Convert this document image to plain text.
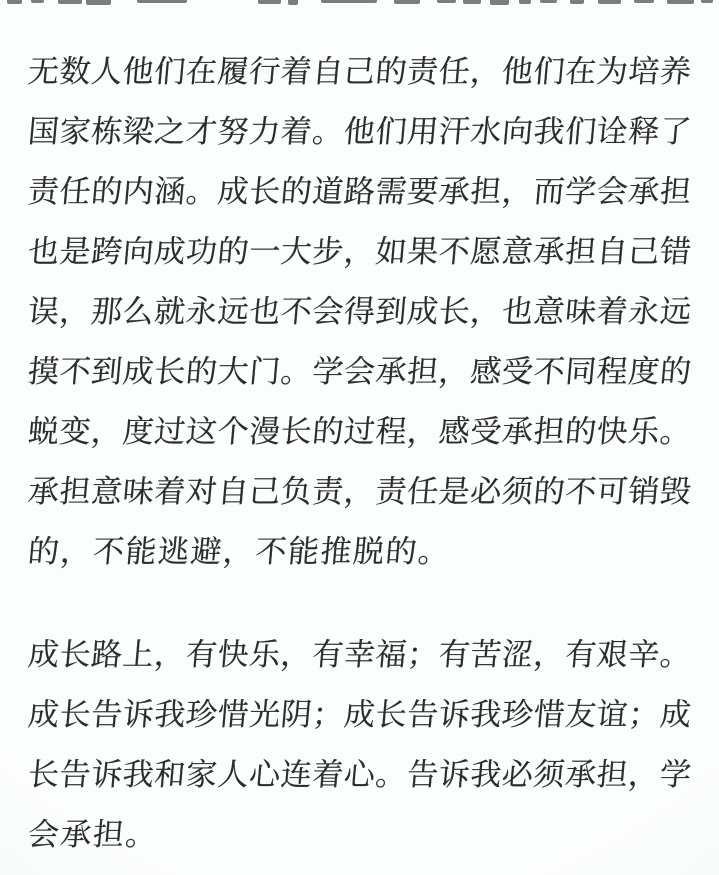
无数人他们在履行着自己的责任，他们在为培养
国家栋梁之才努力着。他们用汗水向我们诠释了
责任的内涵。成长的道路需要承担，而学会承担
也是跨向成功的一大步，如果不愿意承担自己错
误，那么就永远也不会得到成长，也意味着永远
摸不到成长的大门。学会承担，感受不同程度的
蜕变，度过这个漫长的过程，感受承担的快乐。
承担意味着对自己负责，责任是必须的不可销毁
的，不能逃避，不能推脱的。
成长路上，有快乐，有幸福；有苦涩，有艰辛。
成长告诉我珍惜光阴；成长告诉我珍惜友谊；成
长告诉我和家人心连着心。告诉我必须承担，学
会承担。
